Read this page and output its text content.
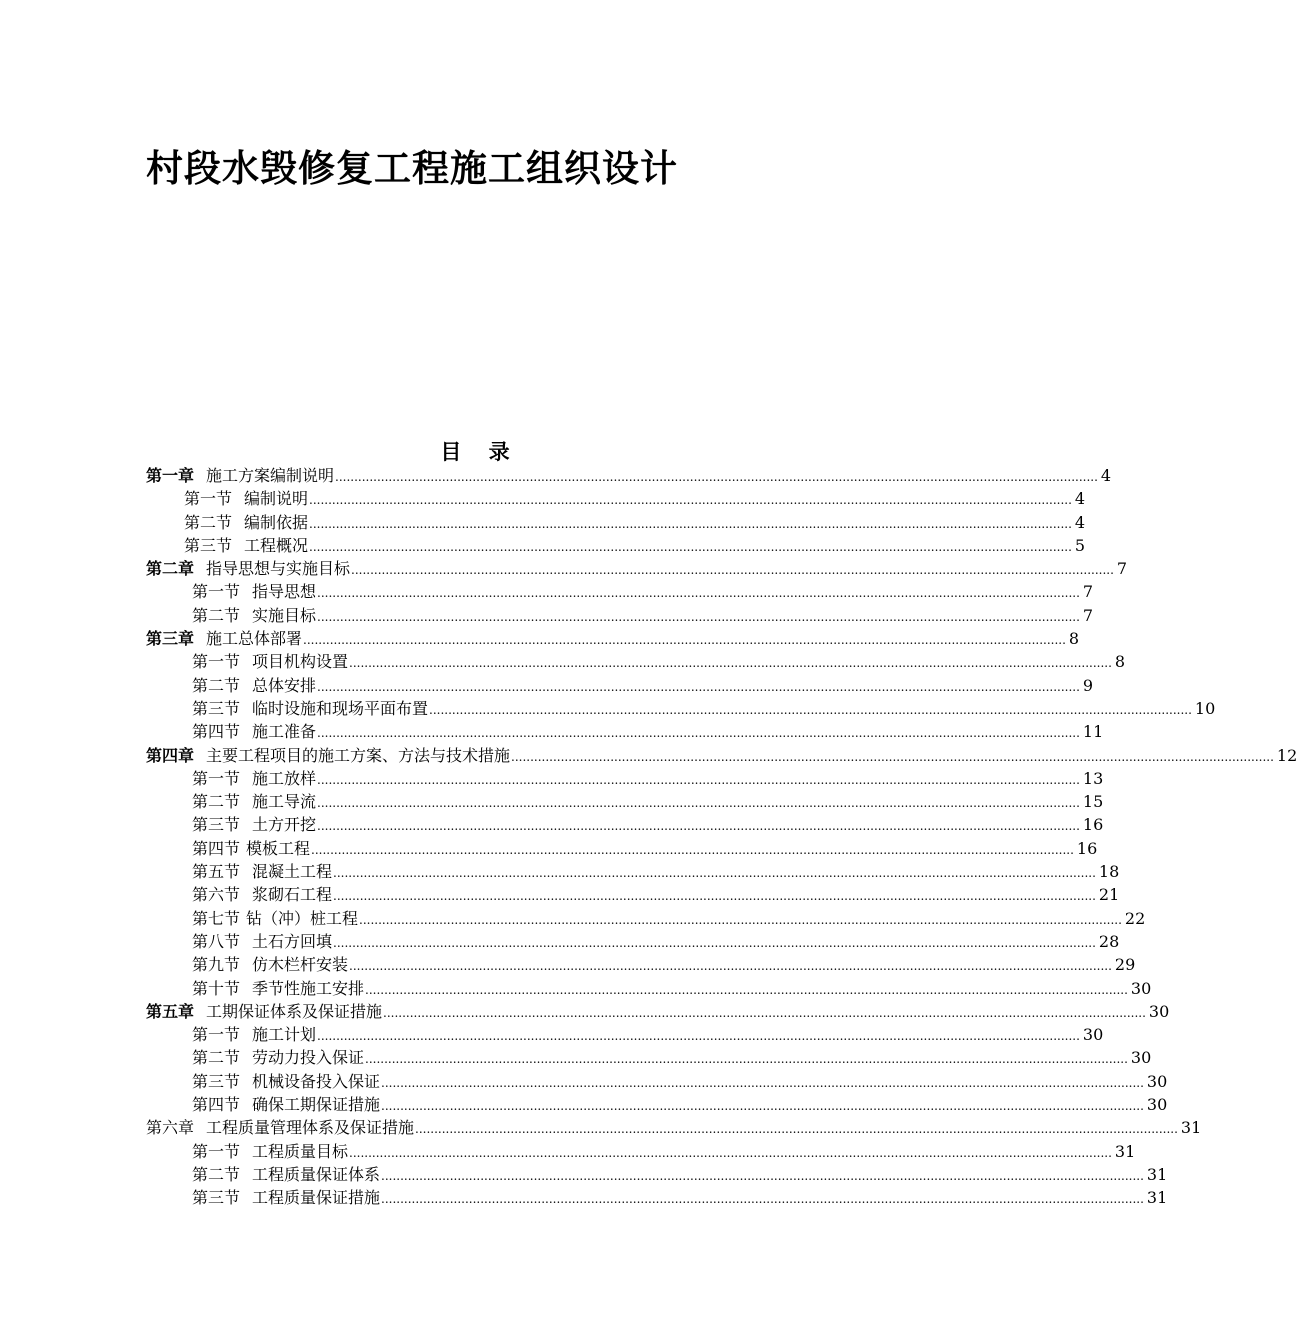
村段水毁修复工程施工组织设计
目 录
第一章 施工方案编制说明 ........................................................................................................................................................................................................ 4
第一节 编制说明 ........................................................................................................................................................................................................ 4
第二节 编制依据 ........................................................................................................................................................................................................ 4
第三节 工程概况 ........................................................................................................................................................................................................ 5
第二章 指导思想与实施目标 ........................................................................................................................................................................................................ 7
第一节 指导思想 ........................................................................................................................................................................................................ 7
第二节 实施目标 ........................................................................................................................................................................................................ 7
第三章 施工总体部署 ........................................................................................................................................................................................................ 8
第一节 项目机构设置 ........................................................................................................................................................................................................ 8
第二节 总体安排 ........................................................................................................................................................................................................ 9
第三节 临时设施和现场平面布置 ........................................................................................................................................................................................................ 10
第四节 施工准备 ........................................................................................................................................................................................................ 11
第四章 主要工程项目的施工方案、方法与技术措施 ........................................................................................................................................................................................................ 12
第一节 施工放样 ........................................................................................................................................................................................................ 13
第二节 施工导流 ........................................................................................................................................................................................................ 15
第三节 土方开挖 ........................................................................................................................................................................................................ 16
第四节 模板工程 ........................................................................................................................................................................................................ 16
第五节 混凝土工程 ........................................................................................................................................................................................................ 18
第六节 浆砌石工程 ........................................................................................................................................................................................................ 21
第七节 钻（冲）桩工程 ........................................................................................................................................................................................................ 22
第八节 土石方回填 ........................................................................................................................................................................................................ 28
第九节 仿木栏杆安装 ........................................................................................................................................................................................................ 29
第十节 季节性施工安排 ........................................................................................................................................................................................................ 30
第五章 工期保证体系及保证措施 ........................................................................................................................................................................................................ 30
第一节 施工计划 ........................................................................................................................................................................................................ 30
第二节 劳动力投入保证 ........................................................................................................................................................................................................ 30
第三节 机械设备投入保证 ........................................................................................................................................................................................................ 30
第四节 确保工期保证措施 ........................................................................................................................................................................................................ 30
第六章 工程质量管理体系及保证措施 ........................................................................................................................................................................................................ 31
第一节 工程质量目标 ........................................................................................................................................................................................................ 31
第二节 工程质量保证体系 ........................................................................................................................................................................................................ 31
第三节 工程质量保证措施 ........................................................................................................................................................................................................ 31
